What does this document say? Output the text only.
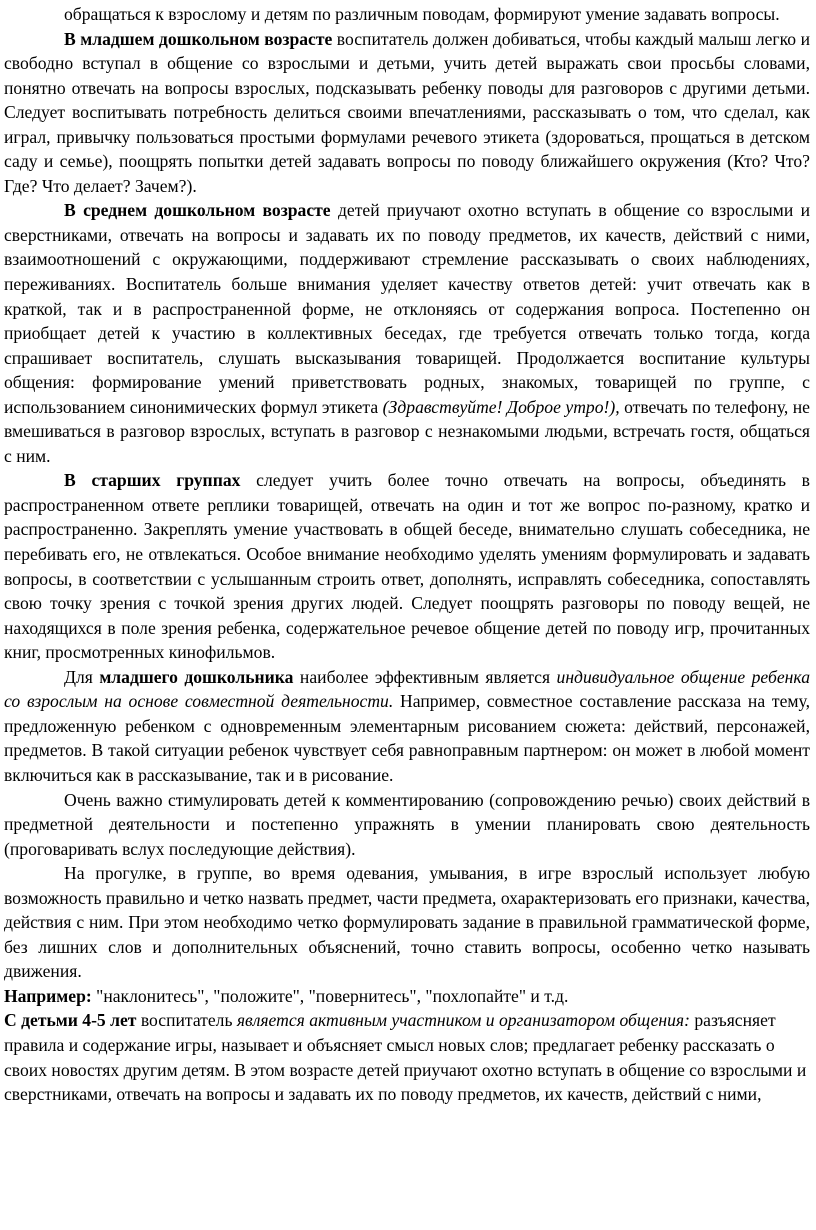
обращаться к взрослому и детям по различным поводам, формируют умение задавать вопросы.

В младшем дошкольном возрасте воспитатель должен добиваться, чтобы каждый малыш легко и свободно вступал в общение со взрослыми и детьми, учить детей выражать свои просьбы словами, понятно отвечать на вопросы взрослых, подсказывать ребенку поводы для разговоров с другими детьми. Следует воспитывать потребность делиться своими впечатлениями, рассказывать о том, что сделал, как играл, привычку пользоваться простыми формулами речевого этикета (здороваться, прощаться в детском саду и семье), поощрять попытки детей задавать вопросы по поводу ближайшего окружения (Кто? Что? Где? Что делает? Зачем?).

В среднем дошкольном возрасте детей приучают охотно вступать в общение со взрослыми и сверстниками, отвечать на вопросы и задавать их по поводу предметов, их качеств, действий с ними, взаимоотношений с окружающими, поддерживают стремление рассказывать о своих наблюдениях, переживаниях. Воспитатель больше внимания уделяет качеству ответов детей: учит отвечать как в краткой, так и в распространенной форме, не отклоняясь от содержания вопроса. Постепенно он приобщает детей к участию в коллективных беседах, где требуется отвечать только тогда, когда спрашивает воспитатель, слушать высказывания товарищей. Продолжается воспитание культуры общения: формирование умений приветствовать родных, знакомых, товарищей по группе, с использованием синонимических формул этикета (Здравствуйте! Доброе утро!), отвечать по телефону, не вмешиваться в разговор взрослых, вступать в разговор с незнакомыми людьми, встречать гостя, общаться с ним.

В старших группах следует учить более точно отвечать на вопросы, объединять в распространенном ответе реплики товарищей, отвечать на один и тот же вопрос по-разному, кратко и распространенно. Закреплять умение участвовать в общей беседе, внимательно слушать собеседника, не перебивать его, не отвлекаться. Особое внимание необходимо уделять умениям формулировать и задавать вопросы, в соответствии с услышанным строить ответ, дополнять, исправлять собеседника, сопоставлять свою точку зрения с точкой зрения других людей. Следует поощрять разговоры по поводу вещей, не находящихся в поле зрения ребенка, содержательное речевое общение детей по поводу игр, прочитанных книг, просмотренных кинофильмов.

Для младшего дошкольника наиболее эффективным является индивидуальное общение ребенка со взрослым на основе совместной деятельности. Например, совместное составление рассказа на тему, предложенную ребенком с одновременным элементарным рисованием сюжета: действий, персонажей, предметов. В такой ситуации ребенок чувствует себя равноправным партнером: он может в любой момент включиться как в рассказывание, так и в рисование.

Очень важно стимулировать детей к комментированию (сопровождению речью) своих действий в предметной деятельности и постепенно упражнять в умении планировать свою деятельность (проговаривать вслух последующие действия).

На прогулке, в группе, во время одевания, умывания, в игре взрослый использует любую возможность правильно и четко назвать предмет, части предмета, охарактеризовать его признаки, качества, действия с ним. При этом необходимо четко формулировать задание в правильной грамматической форме, без лишних слов и дополнительных объяснений, точно ставить вопросы, особенно четко называть движения.
Например: "наклонитесь", "положите", "повернитесь", "похлопайте" и т.д.

С детьми 4-5 лет воспитатель является активным участником и организатором общения: разъясняет правила и содержание игры, называет и объясняет смысл новых слов; предлагает ребенку рассказать о своих новостях другим детям. В этом возрасте детей приучают охотно вступать в общение со взрослыми и сверстниками, отвечать на вопросы и задавать их по поводу предметов, их качеств, действий с ними,
